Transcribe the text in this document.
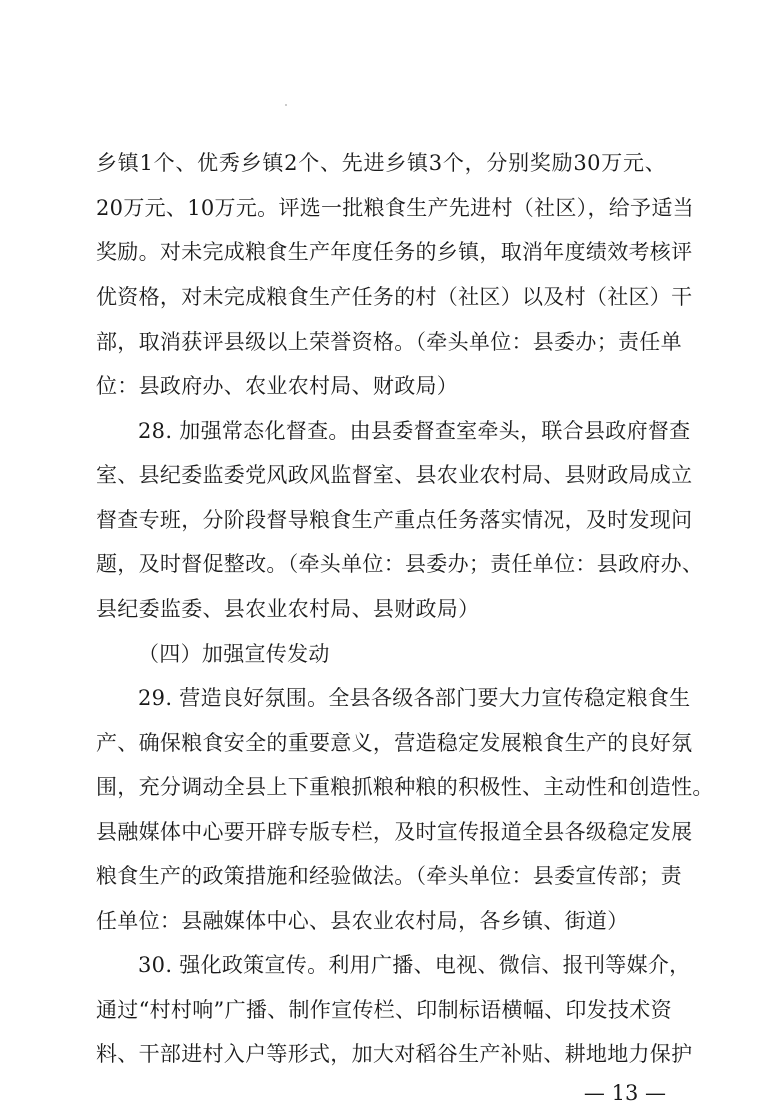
乡镇1个、优秀乡镇2个、先进乡镇3个，分别奖励30万元、
20万元、10万元。评选一批粮食生产先进村（社区），给予适当
奖励。对未完成粮食生产年度任务的乡镇，取消年度绩效考核评
优资格，对未完成粮食生产任务的村（社区）以及村（社区）干
部，取消获评县级以上荣誉资格。（牵头单位：县委办；责任单
位：县政府办、农业农村局、财政局）
28. 加强常态化督查。由县委督查室牵头，联合县政府督查
室、县纪委监委党风政风监督室、县农业农村局、县财政局成立
督查专班，分阶段督导粮食生产重点任务落实情况，及时发现问
题，及时督促整改。（牵头单位：县委办；责任单位：县政府办、
县纪委监委、县农业农村局、县财政局）
（四）加强宣传发动
29. 营造良好氛围。全县各级各部门要大力宣传稳定粮食生
产、确保粮食安全的重要意义，营造稳定发展粮食生产的良好氛
围，充分调动全县上下重粮抓粮种粮的积极性、主动性和创造性。
县融媒体中心要开辟专版专栏，及时宣传报道全县各级稳定发展
粮食生产的政策措施和经验做法。（牵头单位：县委宣传部；责
任单位：县融媒体中心、县农业农村局，各乡镇、街道）
30. 强化政策宣传。利用广播、电视、微信、报刊等媒介，
通过“村村响”广播、制作宣传栏、印制标语横幅、印发技术资
料、干部进村入户等形式，加大对稻谷生产补贴、耕地地力保护
— 13 —
